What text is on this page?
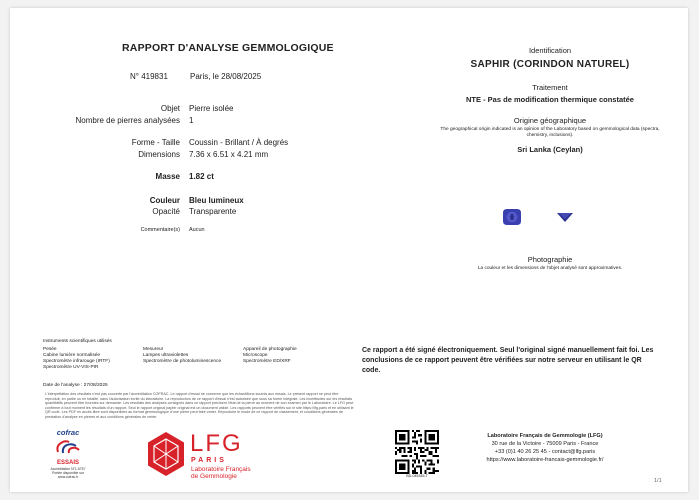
RAPPORT D'ANALYSE GEMMOLOGIQUE
N° 419831	Paris, le 28/08/2025
Objet Pierre isolée
Nombre de pierres analysées 1
Forme - Taille Coussin - Brillant / À degrés
Dimensions 7.36 x 6.51 x 4.21 mm
Masse 1.82 ct
Couleur Bleu lumineux
Opacité Transparente
Commentaire(s) Aucun
Identification
SAPHIR (CORINDON NATUREL)
Traitement
NTE - Pas de modification thermique constatée
Origine géographique
The geographical origin indicated is an opinion of the Laboratory based on gemmological data (spectra, chemistry, inclusions).
Sri Lanka (Ceylan)
Photographie
La couleur et les dimensions de l'objet analysé sont approximatives.
Instruments scientifiques utilisés
Pesée
Cabine lumière normalisée
Spectromètre infrarouge (IRTF)
Spectromètre UV-VIS-PIR
Mesureur
Lampes ultraviolettes
Spectromètre de photoluminescence
Appareil de photographie
Microscope
Spectromètre ED/XRF
Date de l'analyse : 27/08/2025
L'interprétation des résultats n'est pas couverte par l'accréditation COFRAC. Le rapport d'essai ne concerne que les échantillons soumis aux essais. Le présent rapport ne peut être reproduit, en partie ou en totalité, sans l'autorisation écrite du laboratoire. La reproduction de ce rapport d'essai n'est autorisée que sous sa forme intégrale. Les incertitudes sur les résultats quantitatifs peuvent être fournies sur demande. Les résultats des analyses consignés dans ce rapport précisent l'état de la pierre au moment de son examen par le Laboratoire. Le LFG peut confirmer à tout moment les résultats d'un rapport. Seul le rapport original papier original est un document valide. Les rapports peuvent être vérifiés sur le site https://lfg.paris et en utilisant le QR code. Les PDF en accès libre sont disponibles au format gemmologique d'une pierre peut faire varier. Reproduire le mode de ce rapport de classement, et conditions générales de prestation d'analyse en pierres et aux conditions générales de vente.
Ce rapport a été signé électroniquement. Seul l'original signé manuellement fait foi. Les conclusions de ce rapport peuvent être vérifiées sur notre serveur en utilisant le QR code.
cofrac
ESSAIS
Accréditation N°1-5757
Portée disponible sur
www.cofrac.fr
LFG
PARIS
Laboratoire Français
de Gemmologie	BD-045345.T
Laboratoire Français de Gemmologie (LFG)
30 rue de la Victoire - 75009 Paris - France
+33 (0)1 40 26 25 45 - contact@lfg.paris
https://www.laboratoire-francais-gemmologie.fr/
1/1
